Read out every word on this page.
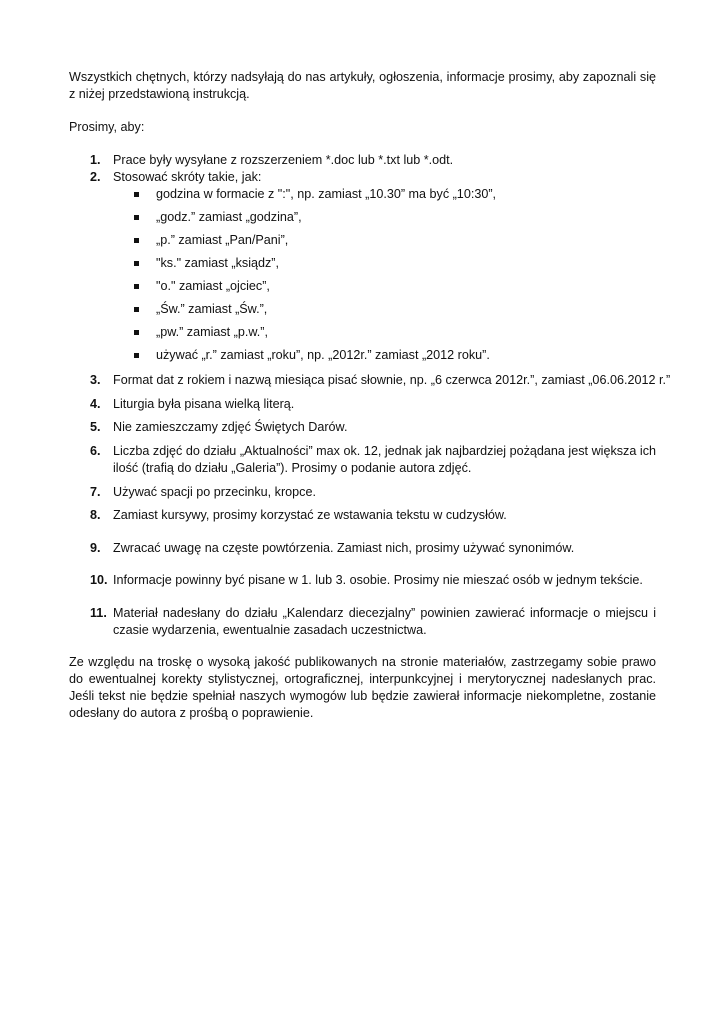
Wszystkich chętnych, którzy nadsyłają do nas artykuły, ogłoszenia, informacje prosimy, aby zapoznali się z niżej przedstawioną instrukcją.

Prosimy, aby:

1. Prace były wysyłane z rozszerzeniem *.doc lub *.txt lub *.odt.
2. Stosować skróty takie, jak:
godzina w formacie z ":", np. zamiast „10.30” ma być „10:30”,
„godz.” zamiast „godzina”,
„p.” zamiast „Pan/Pani”,
"ks." zamiast „ksiądz”,
"o." zamiast „ojciec”,
„Św.” zamiast „Św.”,
„pw.” zamiast „p.w.”,
używać „r.” zamiast „roku”, np. „2012r.” zamiast „2012 roku”.
3. Format dat z rokiem i nazwą miesiąca pisać słownie, np. „6 czerwca 2012r.”, zamiast „06.06.2012 r.”
4. Liturgia była pisana wielką literą.
5. Nie zamieszczamy zdjęć Świętych Darów.
6. Liczba zdjęć do działu „Aktualności” max ok. 12, jednak jak najbardziej pożądana jest większa ich ilość (trafią do działu „Galeria”). Prosimy o podanie autora zdjęć.
7. Używać spacji po przecinku, kropce.
8. Zamiast kursywy, prosimy korzystać ze wstawania tekstu w cudzysłów.
9. Zwracać uwagę na częste powtórzenia. Zamiast nich, prosimy używać synonimów.
10. Informacje powinny być pisane w 1. lub 3. osobie. Prosimy nie mieszać osób w jednym tekście.
11. Materiał nadesłany do działu „Kalendarz diecezjalny” powinien zawierać informacje o miejscu i czasie wydarzenia, ewentualnie zasadach uczestnictwa.

Ze względu na troskę o wysoką jakość publikowanych na stronie materiałów, zastrzegamy sobie prawo do ewentualnej korekty stylistycznej, ortograficznej, interpunkcyjnej i merytorycznej nadesłanych prac. Jeśli tekst nie będzie spełniał naszych wymogów lub będzie zawierał informacje niekompletne, zostanie odesłany do autora z prośbą o poprawienie.
